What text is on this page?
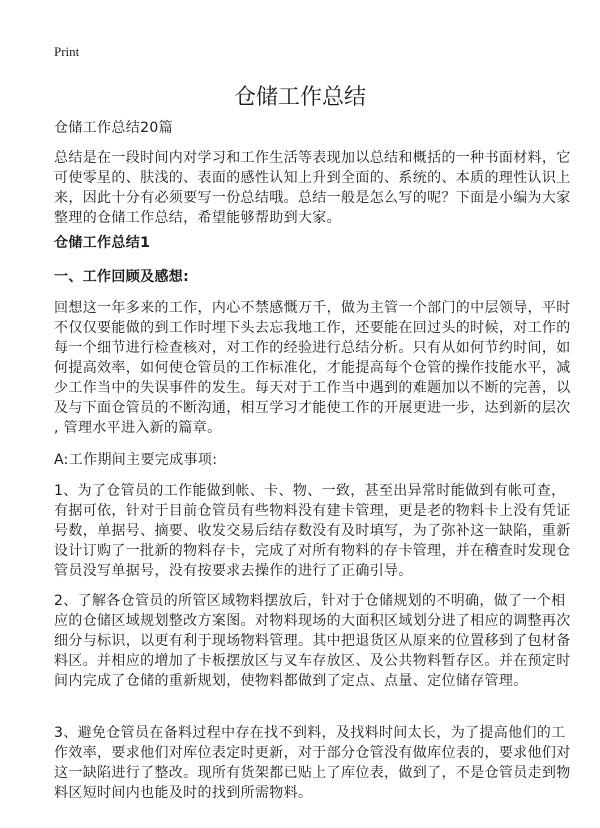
Print
仓储工作总结
仓储工作总结20篇
总结是在一段时间内对学习和工作生活等表现加以总结和概括的一种书面材料，它
可使零星的、肤浅的、表面的感性认知上升到全面的、系统的、本质的理性认识上
来，因此十分有必须要写一份总结哦。总结一般是怎么写的呢？下面是小编为大家
整理的仓储工作总结，希望能够帮助到大家。
仓储工作总结1
一、工作回顾及感想:
回想这一年多来的工作，内心不禁感慨万千，做为主管一个部门的中层领导，平时
不仅仅要能做的到工作时埋下头去忘我地工作，还要能在回过头的时候，对工作的
每一个细节进行检查核对，对工作的经验进行总结分析。只有从如何节约时间，如
何提高效率，如何使仓管员的工作标准化，才能提高每个仓管的操作技能水平，减
少工作当中的失误事件的发生。每天对于工作当中遇到的难题加以不断的完善，以
及与下面仓管员的不断沟通，相互学习才能使工作的开展更进一步，达到新的层次
, 管理水平进入新的篇章。
A:工作期间主要完成事项:
1、为了仓管员的工作能做到帐、卡、物、一致，甚至出异常时能做到有帐可查，
有据可依，针对于目前仓管员有些物料没有建卡管理，更是老的物料卡上没有凭证
号数，单据号、摘要、收发交易后结存数没有及时填写，为了弥补这一缺陷，重新
设计订购了一批新的物料存卡，完成了对所有物料的存卡管理，并在稽查时发现仓
管员没写单据号，没有按要求去操作的进行了正确引导。
2、了解各仓管员的所管区域物料摆放后，针对于仓储规划的不明确，做了一个相
应的仓储区域规划整改方案图。对物料现场的大面积区域划分进了相应的调整再次
细分与标识，以更有利于现场物料管理。其中把退货区从原来的位置移到了包材备
料区。并相应的增加了卡板摆放区与叉车存放区、及公共物料暂存区。并在预定时
间内完成了仓储的重新规划，使物料都做到了定点、点量、定位储存管理。
3、避免仓管员在备料过程中存在找不到料，及找料时间太长，为了提高他们的工
作效率，要求他们对库位表定时更新，对于部分仓管没有做库位表的，要求他们对
这一缺陷进行了整改。现所有货架都已贴上了库位表，做到了，不是仓管员走到物
料区短时间内也能及时的找到所需物料。
